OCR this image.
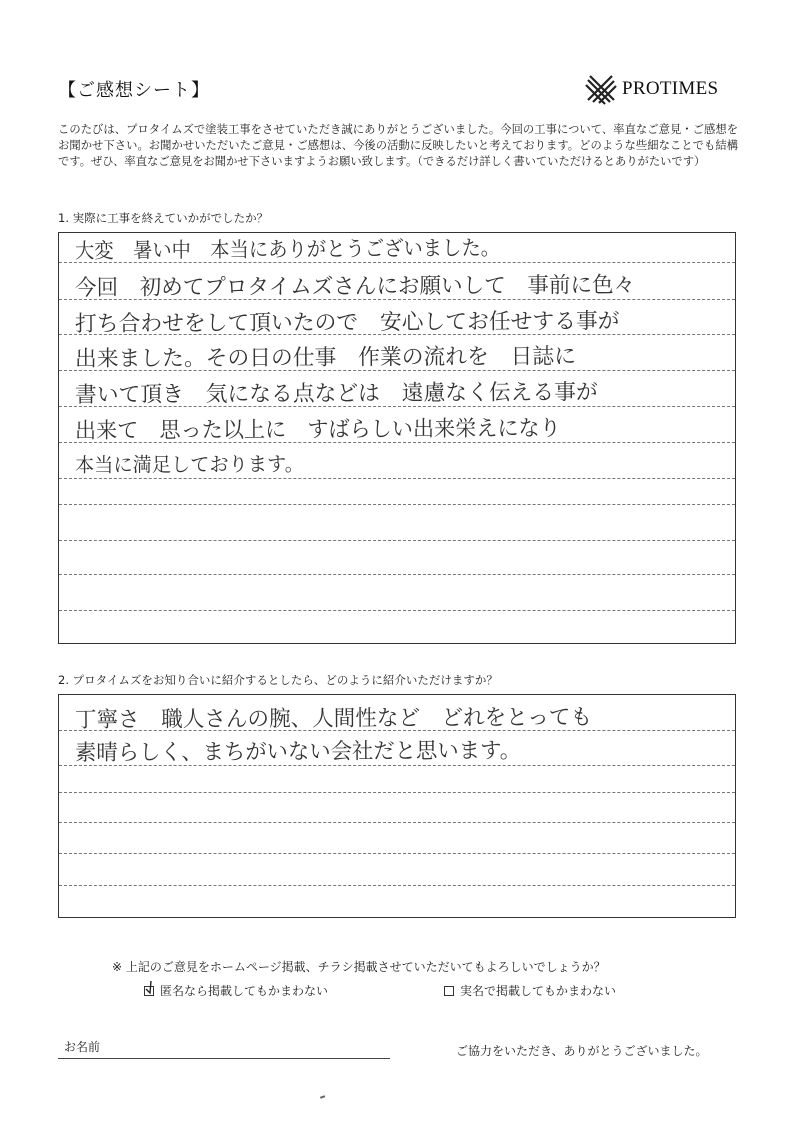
【ご感想シート】	PROTIMES
このたびは、プロタイムズで塗装工事をさせていただき誠にありがとうございました。今回の工事について、率直なご意見・ご感想をお聞かせ下さい。お聞かせいただいたご意見・ご感想は、今後の活動に反映したいと考えております。どのような些細なことでも結構です。ぜひ、率直なご意見をお聞かせ下さいますようお願い致します。（できるだけ詳しく書いていただけるとありがたいです）
1. 実際に工事を終えていかがでしたか？
大変　暑い中　本当にありがとうございました。
今回　初めてプロタイムズさんにお願いして　事前に色々
打ち合わせをして頂いたので　安心してお任せする事が
出来ました。その日の仕事　作業の流れを　日誌に
書いて頂き　気になる点などは　遠慮なく伝える事が
出来て　思った以上に　すばらしい出来栄えになり
本当に満足しております。
2. プロタイムズをお知り合いに紹介するとしたら、どのように紹介いただけますか？
丁寧さ　職人さんの腕、人間性など　どれをとっても
素晴らしく、まちがいない会社だと思います。
※ 上記のご意見をホームページ掲載、チラシ掲載させていただいてもよろしいでしょうか？
匿名なら掲載してもかまわない	実名で掲載してもかまわない
お名前	ご協力をいただき、ありがとうございました。
